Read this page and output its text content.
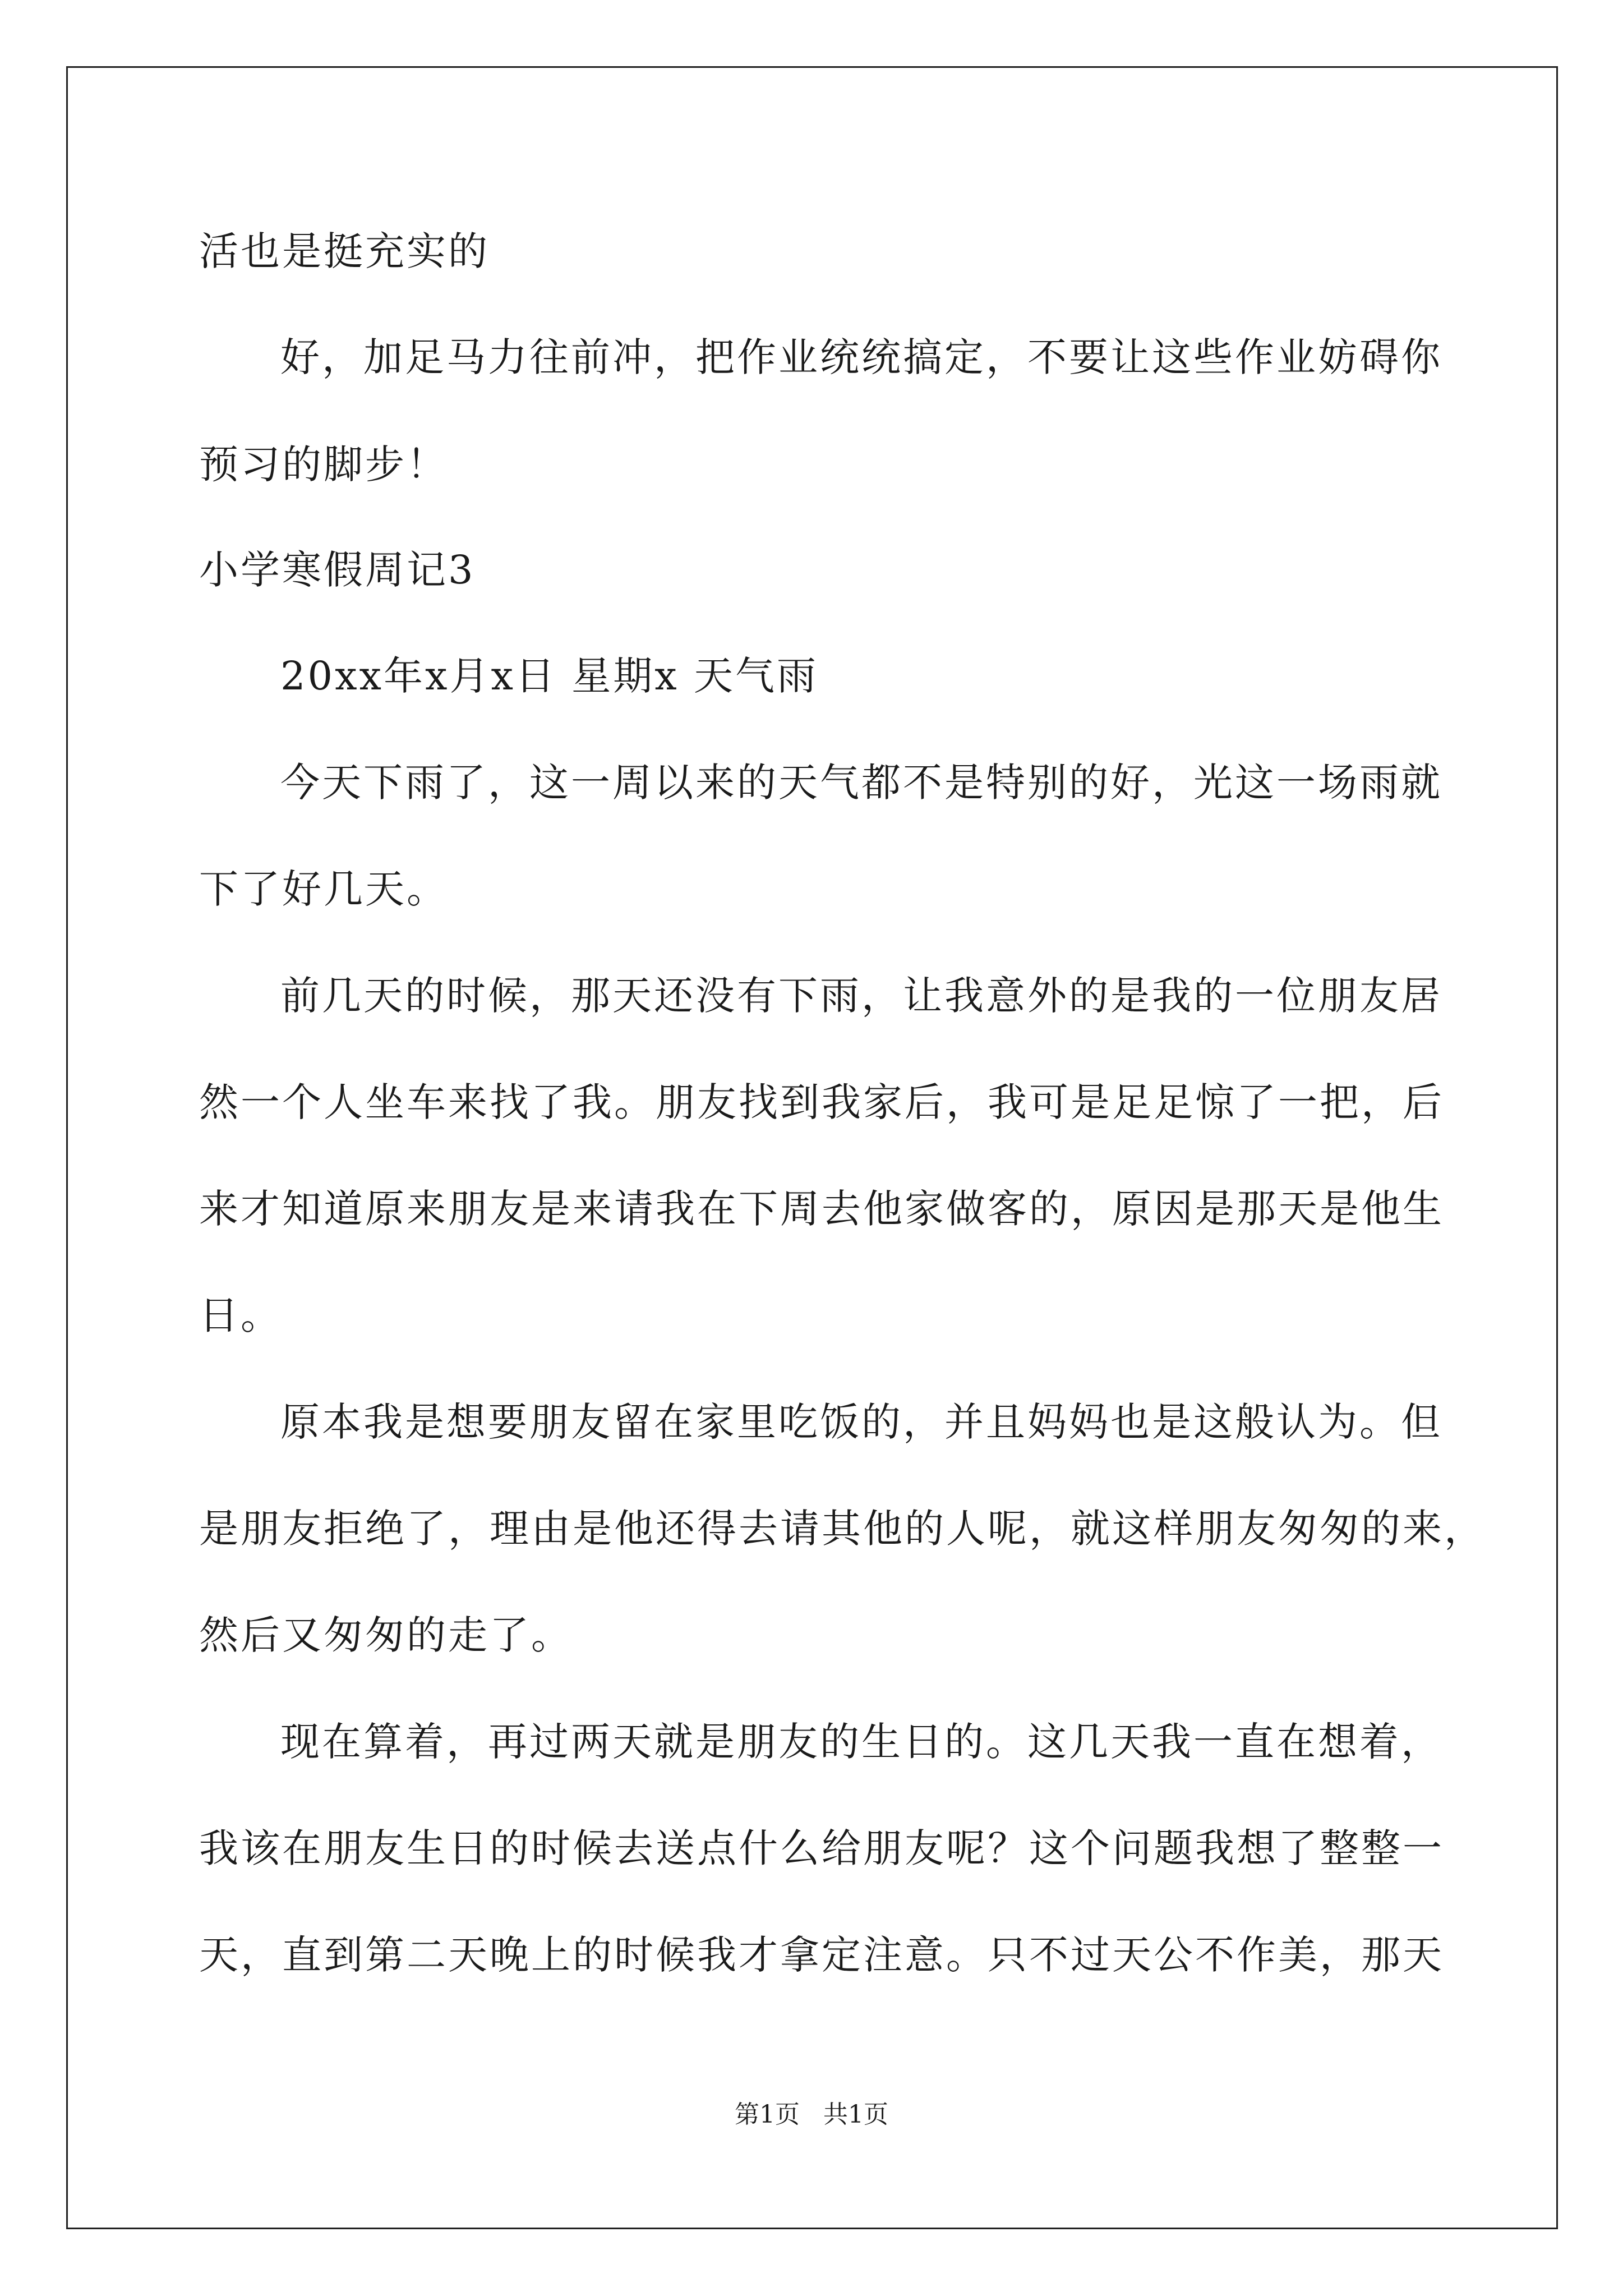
活也是挺充实的
好，加足马力往前冲，把作业统统搞定，不要让这些作业妨碍你
预习的脚步！
小学寒假周记3
20xx年x月x日 星期x 天气雨
今天下雨了，这一周以来的天气都不是特别的好，光这一场雨就
下了好几天。
前几天的时候，那天还没有下雨，让我意外的是我的一位朋友居
然一个人坐车来找了我。朋友找到我家后，我可是足足惊了一把，后
来才知道原来朋友是来请我在下周去他家做客的，原因是那天是他生
日。
原本我是想要朋友留在家里吃饭的，并且妈妈也是这般认为。但
是朋友拒绝了，理由是他还得去请其他的人呢，就这样朋友匆匆的来，
然后又匆匆的走了。
现在算着，再过两天就是朋友的生日的。这几天我一直在想着，
我该在朋友生日的时候去送点什么给朋友呢？这个问题我想了整整一
天，直到第二天晚上的时候我才拿定注意。只不过天公不作美，那天
第1页   共1页
